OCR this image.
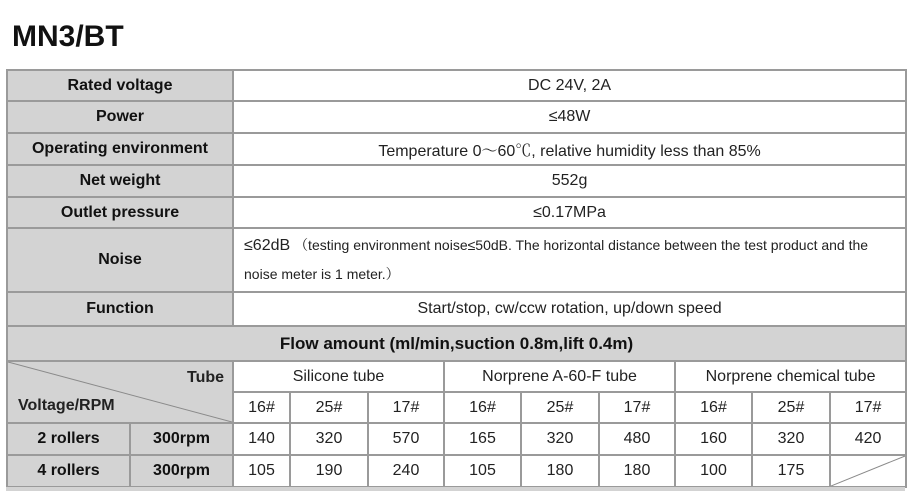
MN3/BT
Rated voltage		DC 24V, 2A								
Power		≤48W								
Operating environment		Temperature 0～60℃, relative humidity less than 85%								
Net weight		552g								
Outlet pressure		≤0.17MPa								
Noise		≤62dB （testing environment noise≤50dB. The horizontal distance between the test product and the noise meter is 1 meter.）								
Function		Start/stop, cw/ccw rotation, up/down speed								
Flow amount (ml/min,suction 0.8m,lift 0.4m)										

Tube
Voltage/RPM		Silicone tube			Norprene A-60-F tube			Norprene chemical tube		
		16#	25#	17#	16#	25#	17#	16#	25#	17#
2 rollers	300rpm	140	320	570	165	320	480	160	320	420
4 rollers	300rpm	105	190	240	105	180	180	100	175	
